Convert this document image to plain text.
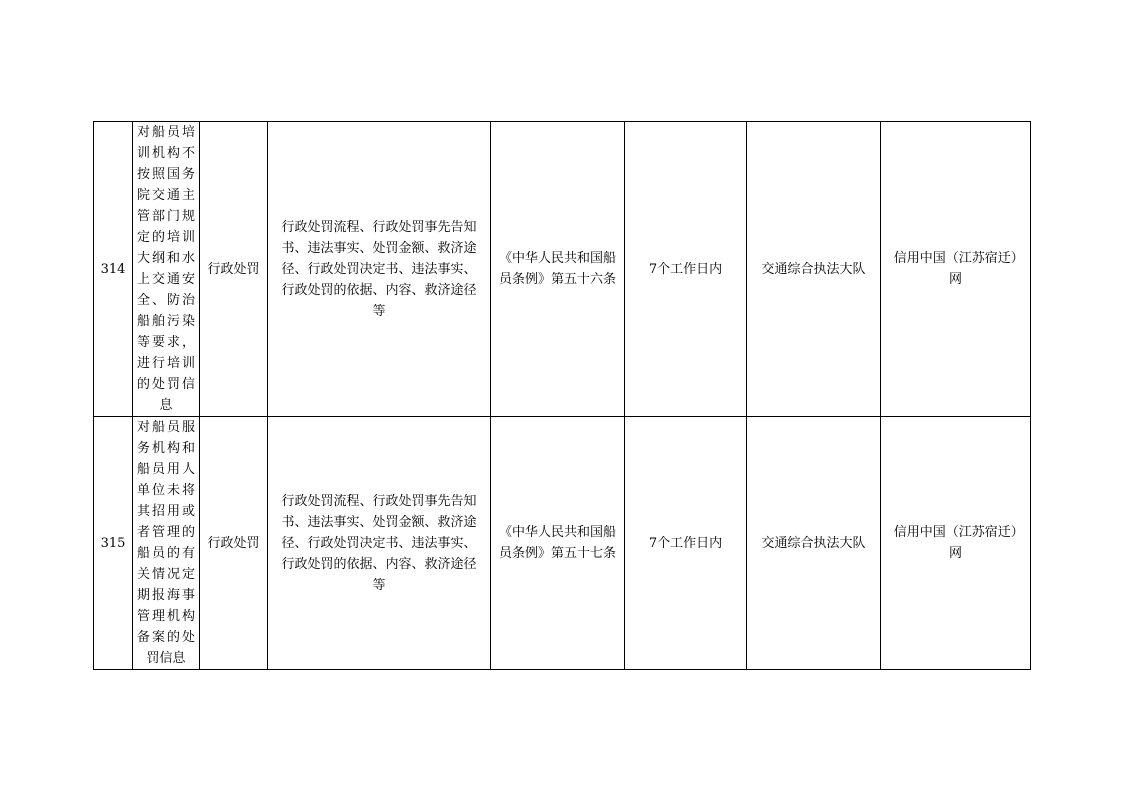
314	对船员培训机构不按照国务院交通主管部门规定的培训大纲和水上交通安全、防治船舶污染等要求，进行培训的处罚信息	行政处罚	行政处罚流程、行政处罚事先告知书、违法事实、处罚金额、救济途径、行政处罚决定书、违法事实、行政处罚的依据、内容、救济途径等	《中华人民共和国船员条例》第五十六条	7个工作日内	交通综合执法大队	信用中国（江苏宿迁）网
315	对船员服务机构和船员用人单位未将其招用或者管理的船员的有关情况定期报海事管理机构备案的处罚信息	行政处罚	行政处罚流程、行政处罚事先告知书、违法事实、处罚金额、救济途径、行政处罚决定书、违法事实、行政处罚的依据、内容、救济途径等	《中华人民共和国船员条例》第五十七条	7个工作日内	交通综合执法大队	信用中国（江苏宿迁）网
